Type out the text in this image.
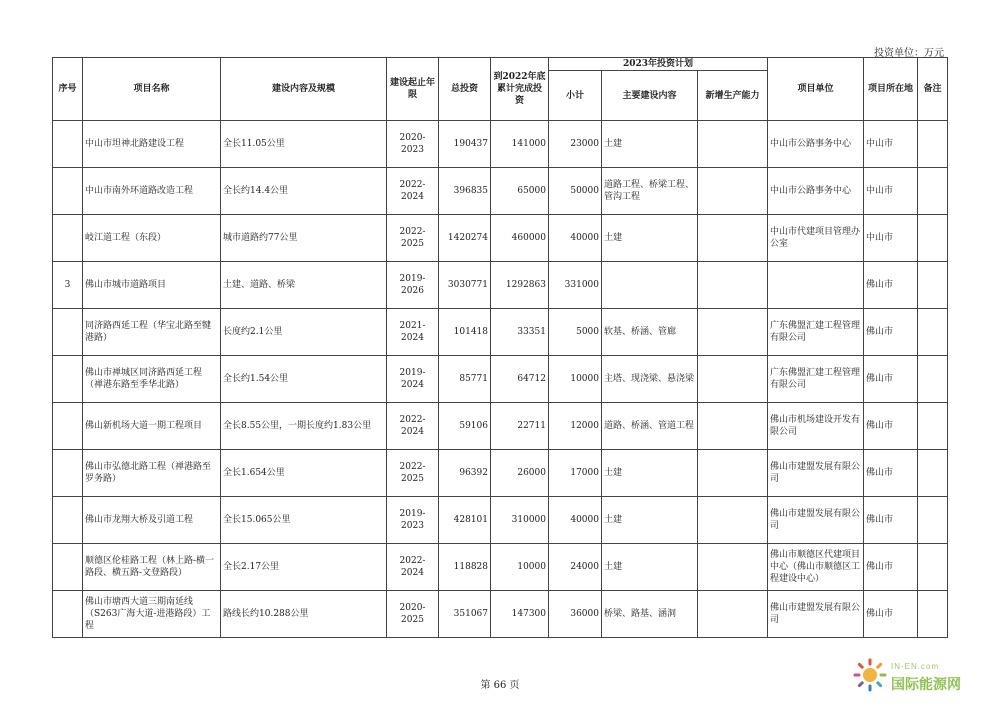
投资单位：万元
序号	项目名称	建设内容及规模	建设起止年限	总投资	到2022年底累计完成投资	2023年投资计划			项目单位	项目所在地	备注
						小计	主要建设内容	新增生产能力			
	中山市坦神北路建设工程	全长11.05公里	2020-2023	190437	141000	23000	土建		中山市公路事务中心	中山市	
	中山市南外环道路改造工程	全长约14.4公里	2022-2024	396835	65000	50000	道路工程、桥梁工程、管沟工程		中山市公路事务中心	中山市	
	岐江道工程（东段）	城市道路约77公里	2022-2025	1420274	460000	40000	土建		中山市代建项目管理办公室	中山市	
3	佛山市城市道路项目	土建、道路、桥梁	2019-2026	3030771	1292863	331000				佛山市	
	同济路西延工程（华宝北路至犍港路）	长度约2.1公里	2021-2024	101418	33351	5000	软基、桥涵、管廊		广东佛盟汇建工程管理有限公司	佛山市	
	佛山市禅城区同济路西延工程（禅港东路至季华北路）	全长约1.54公里	2019-2024	85771	64712	10000	主塔、现浇梁、悬浇梁		广东佛盟汇建工程管理有限公司	佛山市	
	佛山新机场大道一期工程项目	全长8.55公里，一期长度约1.83公里	2022-2024	59106	22711	12000	道路、桥涵、管道工程		佛山市机场建设开发有限公司	佛山市	
	佛山市弘德北路工程（禅港路至罗务路）	全长1.654公里	2022-2025	96392	26000	17000	土建		佛山市建盟发展有限公司	佛山市	
	佛山市龙翔大桥及引道工程	全长15.065公里	2019-2023	428101	310000	40000	土建		佛山市建盟发展有限公司	佛山市	
	顺德区伦桂路工程（林上路-横一路段、横五路-文登路段）	全长2.17公里	2022-2024	118828	10000	24000	土建		佛山市顺德区代建项目中心（佛山市顺德区工程建设中心）	佛山市	
	佛山市塘西大道三期南延线（S263广海大道-进港路段）工程	路线长约10.288公里	2020-2025	351067	147300	36000	桥梁、路基、涵洞		佛山市建盟发展有限公司	佛山市	
第 66 页
IN-EN.com
国际能源网
